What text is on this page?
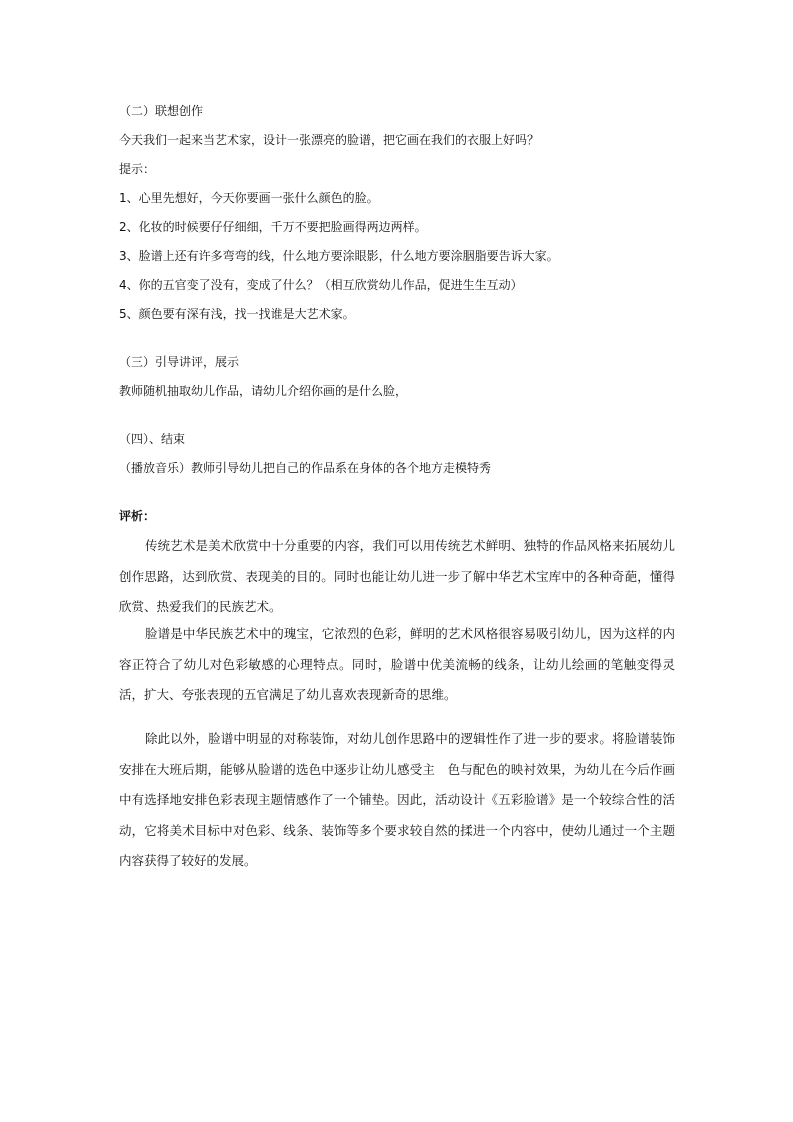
（二）联想创作
今天我们一起来当艺术家，设计一张漂亮的脸谱，把它画在我们的衣服上好吗？
提示：
1、心里先想好，今天你要画一张什么颜色的脸。
2、化妆的时候要仔仔细细，千万不要把脸画得两边两样。
3、脸谱上还有许多弯弯的线，什么地方要涂眼影，什么地方要涂胭脂要告诉大家。
4、你的五官变了没有，变成了什么？（相互欣赏幼儿作品，促进生生互动）
5、颜色要有深有浅，找一找谁是大艺术家。
（三）引导讲评，展示
教师随机抽取幼儿作品，请幼儿介绍你画的是什么脸，
（四）、结束
（播放音乐）教师引导幼儿把自己的作品系在身体的各个地方走模特秀
评析：

传统艺术是美术欣赏中十分重要的内容，我们可以用传统艺术鲜明、独特的作品风格来拓展幼儿创作思路，达到欣赏、表现美的目的。同时也能让幼儿进一步了解中华艺术宝库中的各种奇葩，懂得欣赏、热爱我们的民族艺术。

脸谱是中华民族艺术中的瑰宝，它浓烈的色彩，鲜明的艺术风格很容易吸引幼儿，因为这样的内容正符合了幼儿对色彩敏感的心理特点。同时，脸谱中优美流畅的线条，让幼儿绘画的笔触变得灵活，扩大、夸张表现的五官满足了幼儿喜欢表现新奇的思维。

除此以外，脸谱中明显的对称装饰，对幼儿创作思路中的逻辑性作了进一步的要求。将脸谱装饰安排在大班后期，能够从脸谱的选色中逐步让幼儿感受主　色与配色的映衬效果，为幼儿在今后作画中有选择地安排色彩表现主题情感作了一个铺垫。因此，活动设计《五彩脸谱》是一个较综合性的活动，它将美术目标中对色彩、线条、装饰等多个要求较自然的揉进一个内容中，使幼儿通过一个主题内容获得了较好的发展。
